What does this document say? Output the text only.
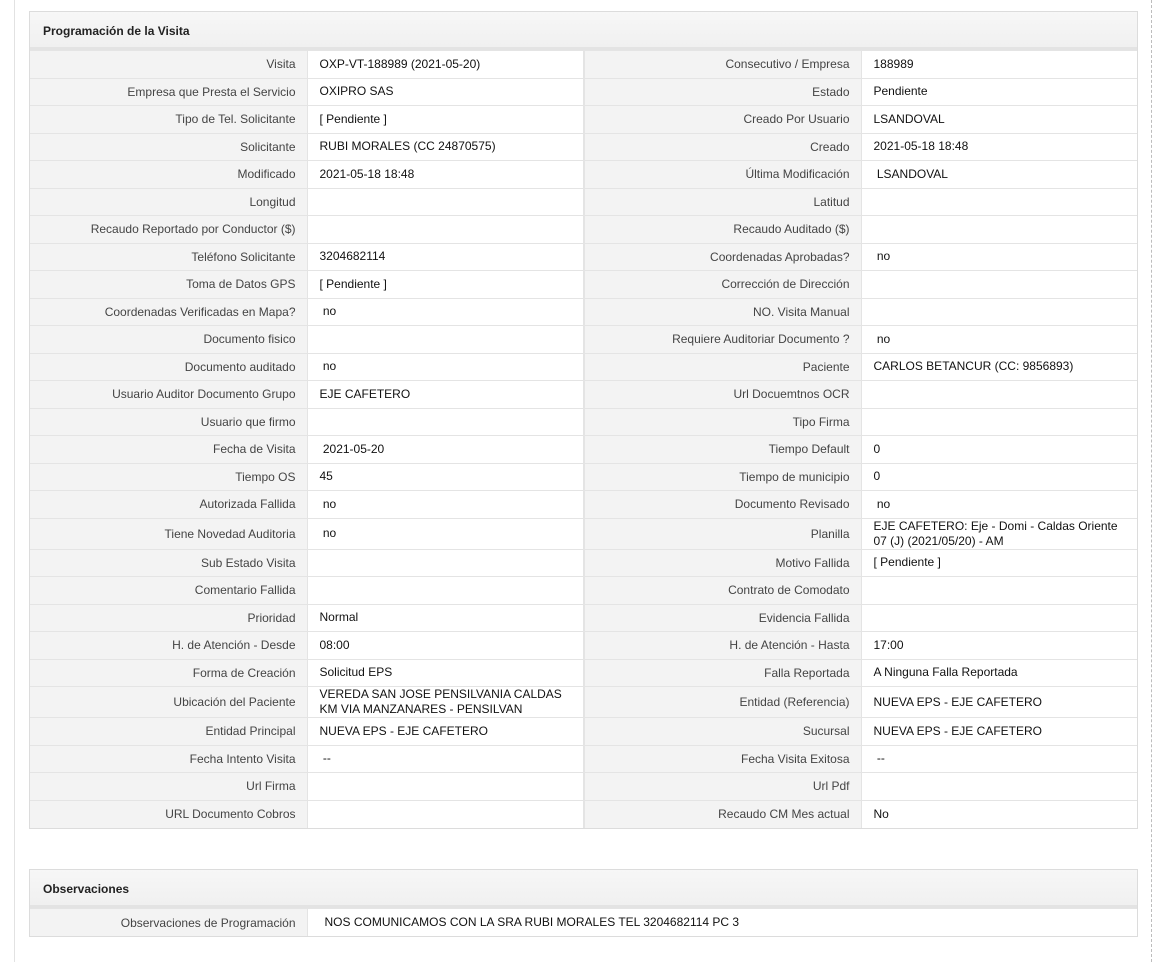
Programación de la Visita
Visita	OXP-VT-188989 (2021-05-20)	Consecutivo / Empresa	188989
Empresa que Presta el Servicio	OXIPRO SAS	Estado	Pendiente
Tipo de Tel. Solicitante	[ Pendiente ]	Creado Por Usuario	LSANDOVAL
Solicitante	RUBI MORALES (CC 24870575)	Creado	2021-05-18 18:48
Modificado	2021-05-18 18:48	Última Modificación	LSANDOVAL
Longitud		Latitud	
Recaudo Reportado por Conductor ($)		Recaudo Auditado ($)	
Teléfono Solicitante	3204682114	Coordenadas Aprobadas?	no
Toma de Datos GPS	[ Pendiente ]	Corrección de Dirección	
Coordenadas Verificadas en Mapa?	no	NO. Visita Manual	
Documento fisico		Requiere Auditoriar Documento ?	no
Documento auditado	no	Paciente	CARLOS BETANCUR (CC: 9856893)
Usuario Auditor Documento Grupo	EJE CAFETERO	Url Docuemtnos OCR	
Usuario que firmo		Tipo Firma	
Fecha de Visita	2021-05-20	Tiempo Default	0
Tiempo OS	45	Tiempo de municipio	0
Autorizada Fallida	no	Documento Revisado	no
Tiene Novedad Auditoria	no	Planilla	EJE CAFETERO: Eje - Domi - Caldas Oriente 07 (J) (2021/05/20) - AM
Sub Estado Visita		Motivo Fallida	[ Pendiente ]
Comentario Fallida		Contrato de Comodato	
Prioridad	Normal	Evidencia Fallida	
H. de Atención - Desde	08:00	H. de Atención - Hasta	17:00
Forma de Creación	Solicitud EPS	Falla Reportada	A Ninguna Falla Reportada
Ubicación del Paciente	VEREDA SAN JOSE PENSILVANIA CALDAS KM VIA MANZANARES - PENSILVAN	Entidad (Referencia)	NUEVA EPS - EJE CAFETERO
Entidad Principal	NUEVA EPS - EJE CAFETERO	Sucursal	NUEVA EPS - EJE CAFETERO
Fecha Intento Visita	--	Fecha Visita Exitosa	--
Url Firma		Url Pdf	
URL Documento Cobros		Recaudo CM Mes actual	No
Observaciones
Observaciones de Programación	NOS COMUNICAMOS CON LA SRA RUBI MORALES TEL 3204682114 PC 3
